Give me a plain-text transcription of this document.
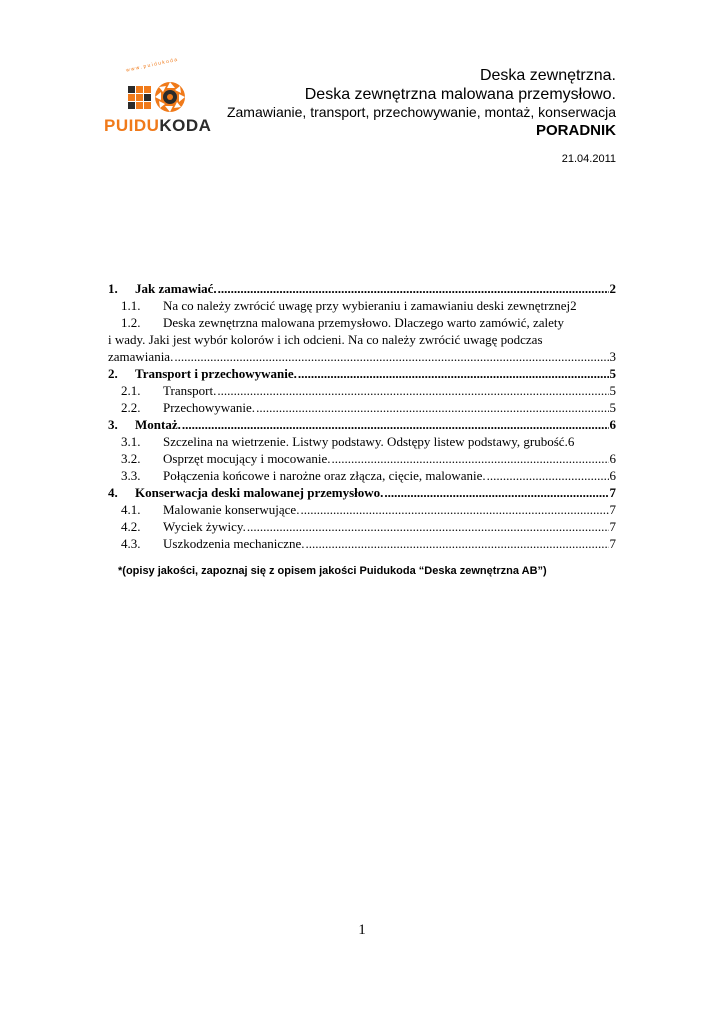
w w w . p u i d u k o d a
PUIDUKODA
Deska zewnętrzna.
Deska zewnętrzna malowana przemysłowo.
Zamawianie, transport, przechowywanie, montaż, konserwacja
PORADNIK
21.04.2011
1.	Jak zamawiać. .....	2
1.1.	Na co należy zwrócić uwagę przy wybieraniu i zamawianiu deski zewnętrznej 2
1.2.	Deska zewnętrzna malowana przemysłowo. Dlaczego warto zamówić, zalety
i wady. Jaki jest wybór kolorów i ich odcieni. Na co należy zwrócić uwagę podczas
zamawiania. .....	3
2.	Transport i przechowywanie. .....	5
2.1.	Transport. .....	5
2.2.	Przechowywanie. .....	5
3.	Montaż. .....	6
3.1.	Szczelina na wietrzenie. Listwy podstawy. Odstępy listew podstawy, grubość. 6
3.2.	Osprzęt mocujący i mocowanie. .....	6
3.3.	Połączenia końcowe i narożne oraz złącza, cięcie, malowanie. .....	6
4.	Konserwacja deski malowanej przemysłowo. .....	7
4.1.	Malowanie konserwujące. .....	7
4.2.	Wyciek żywicy. .....	7
4.3.	Uszkodzenia mechaniczne. .....	7
*(opisy jakości, zapoznaj się z opisem jakości Puidukoda “Deska zewnętrzna AB”)
1
